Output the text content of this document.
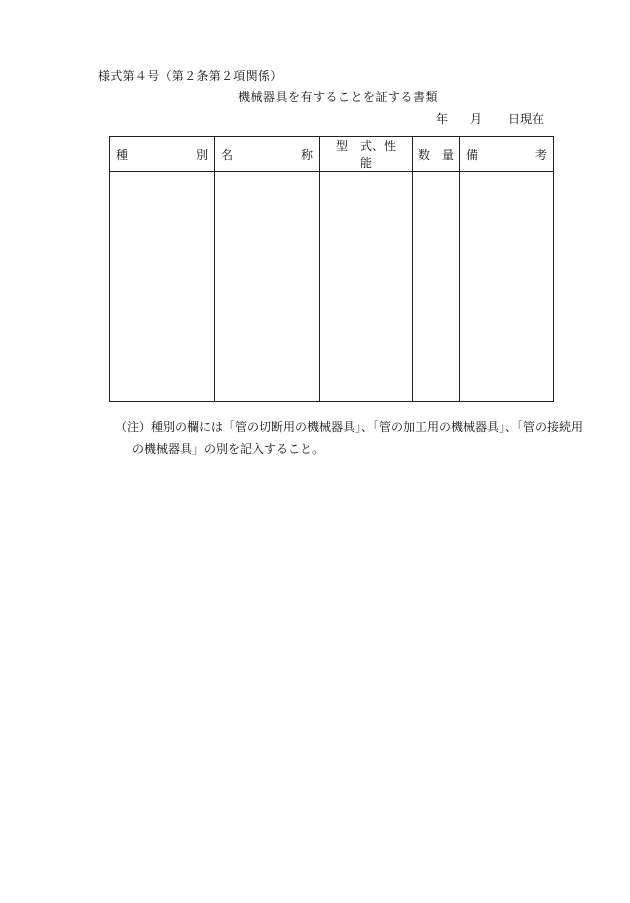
様式第４号（第２条第２項関係）
機械器具を有することを証する書類
年 月 日現在
種 別	名 称	型　式、性　能	数　量	備 考

（注）種別の欄には「管の切断用の機械器具」、「管の加工用の機械器具」、「管の接続用
の機械器具」の別を記入すること。
